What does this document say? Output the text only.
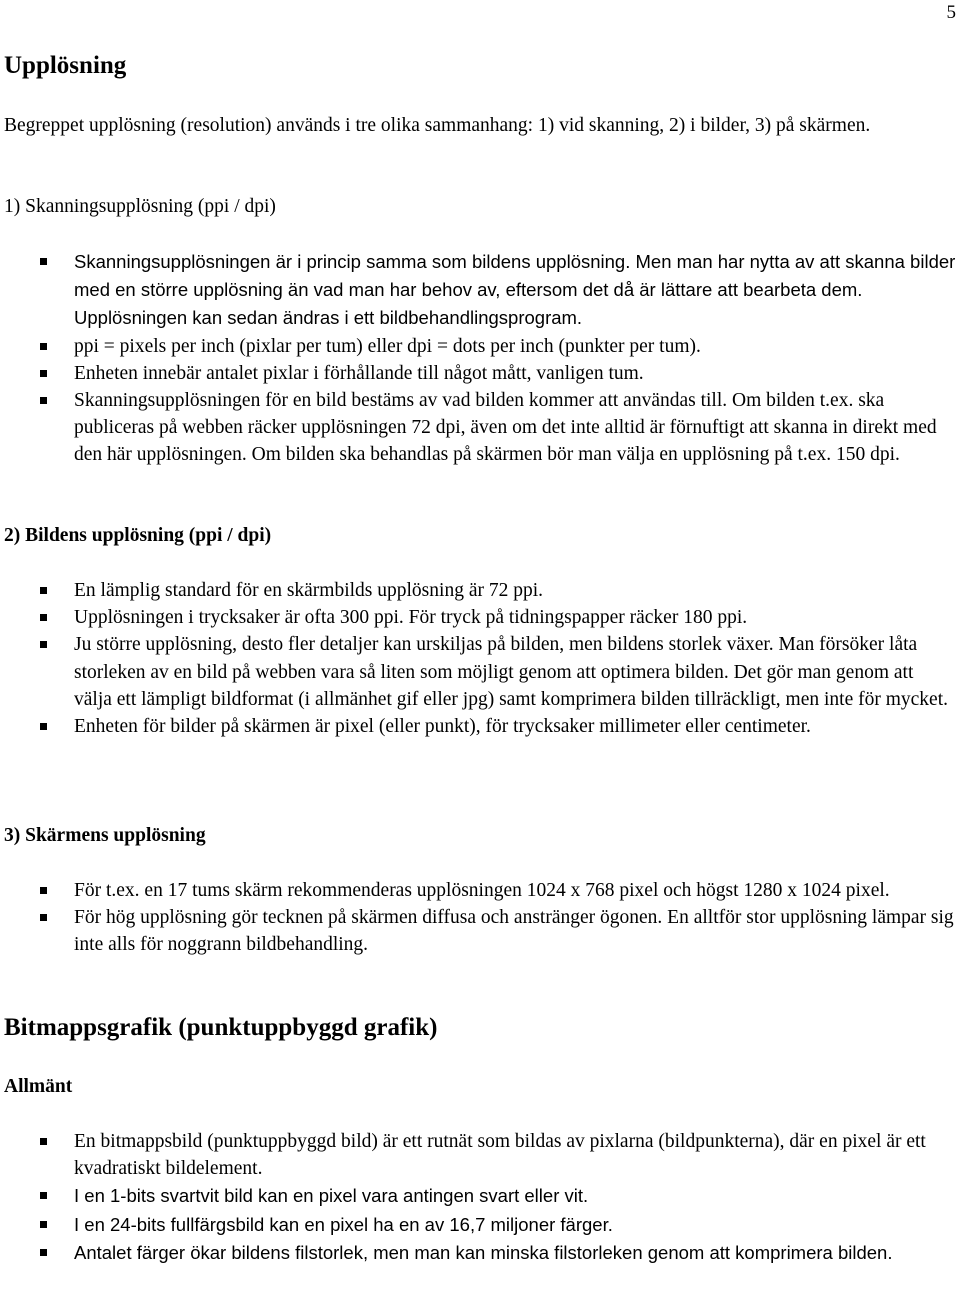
5
Upplösning

Begreppet upplösning (resolution) används i tre olika sammanhang: 1) vid skanning, 2) i bilder, 3) på skärmen.

1) Skanningsupplösning (ppi / dpi)
Skanningsupplösningen är i princip samma som bildens upplösning. Men man har nytta av att skanna bilder med en större upplösning än vad man har behov av, eftersom det då är lättare att bearbeta dem. Upplösningen kan sedan ändras i ett bildbehandlingsprogram.
ppi = pixels per inch (pixlar per tum) eller dpi = dots per inch (punkter per tum).
Enheten innebär antalet pixlar i förhållande till något mått, vanligen tum.
Skanningsupplösningen för en bild bestäms av vad bilden kommer att användas till. Om bilden t.ex. ska publiceras på webben räcker upplösningen 72 dpi, även om det inte alltid är förnuftigt att skanna in direkt med den här upplösningen. Om bilden ska behandlas på skärmen bör man välja en upplösning på t.ex. 150 dpi.
2) Bildens upplösning (ppi / dpi)
En lämplig standard för en skärmbilds upplösning är 72 ppi.
Upplösningen i trycksaker är ofta 300 ppi. För tryck på tidningspapper räcker 180 ppi.
Ju större upplösning, desto fler detaljer kan urskiljas på bilden, men bildens storlek växer. Man försöker låta storleken av en bild på webben vara så liten som möjligt genom att optimera bilden. Det gör man genom att välja ett lämpligt bildformat (i allmänhet gif eller jpg) samt komprimera bilden tillräckligt, men inte för mycket.
Enheten för bilder på skärmen är pixel (eller punkt), för trycksaker millimeter eller centimeter.
3) Skärmens upplösning
För t.ex. en 17 tums skärm rekommenderas upplösningen 1024 x 768 pixel och högst 1280 x 1024 pixel.
För hög upplösning gör tecknen på skärmen diffusa och anstränger ögonen. En alltför stor upplösning lämpar sig inte alls för noggrann bildbehandling.
Bitmappsgrafik (punktuppbyggd grafik)
Allmänt
En bitmappsbild (punktuppbyggd bild) är ett rutnät som bildas av pixlarna (bildpunkterna), där en pixel är ett kvadratiskt bildelement.
I en 1-bits svartvit bild kan en pixel vara antingen svart eller vit.
I en 24-bits fullfärgsbild kan en pixel ha en av 16,7 miljoner färger.
Antalet färger ökar bildens filstorlek, men man kan minska filstorleken genom att komprimera bilden.
